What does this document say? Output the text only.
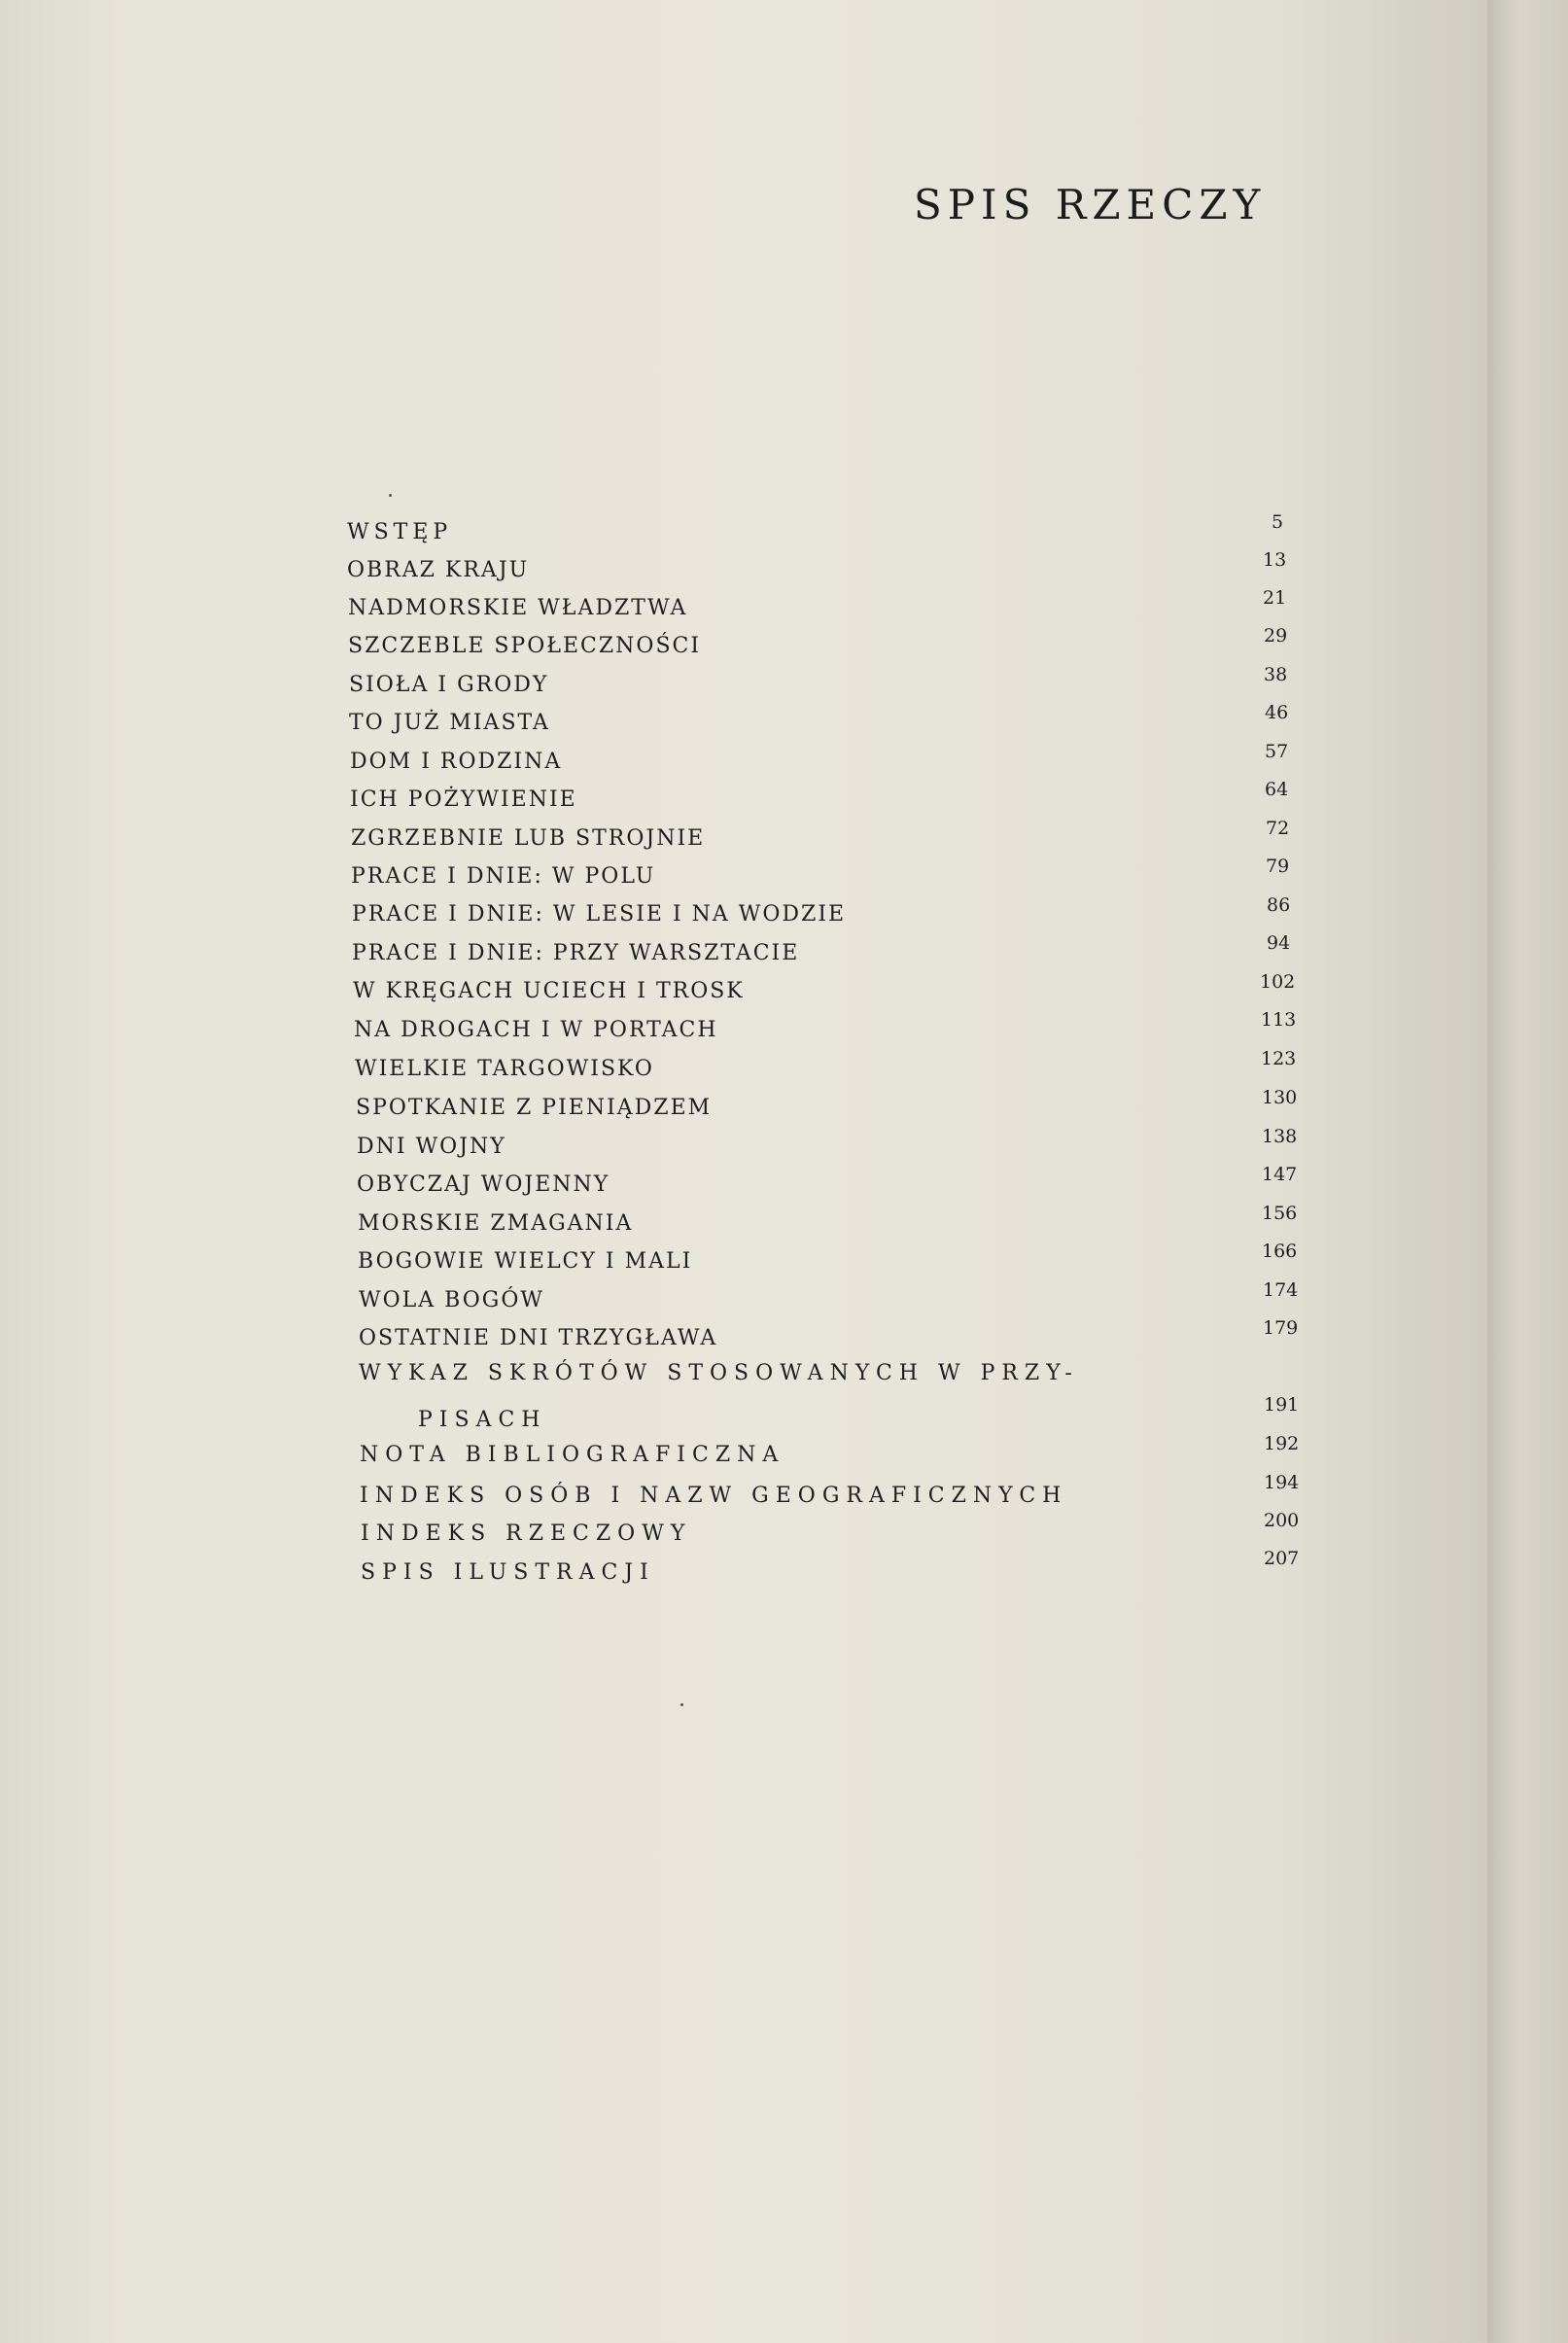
SPIS RZECZY
WSTĘP
OBRAZ KRAJU
NADMORSKIE WŁADZTWA
SZCZEBLE SPOŁECZNOŚCI
SIOŁA I GRODY
TO JUŻ MIASTA
DOM I RODZINA
ICH POŻYWIENIE
ZGRZEBNIE LUB STROJNIE
PRACE I DNIE: W POLU
PRACE I DNIE: W LESIE I NA WODZIE
PRACE I DNIE: PRZY WARSZTACIE
W KRĘGACH UCIECH I TROSK
NA DROGACH I W PORTACH
WIELKIE TARGOWISKO
SPOTKANIE Z PIENIĄDZEM
DNI WOJNY
OBYCZAJ WOJENNY
MORSKIE ZMAGANIA
BOGOWIE WIELCY I MALI
WOLA BOGÓW
OSTATNIE DNI TRZYGŁAWA
WYKAZ SKRÓTÓW STOSOWANYCH W PRZY-
PISACH
NOTA BIBLIOGRAFICZNA
INDEKS OSÓB I NAZW GEOGRAFICZNYCH
INDEKS RZECZOWY
SPIS ILUSTRACJI
5
13
21
29
38
46
57
64
72
79
86
94
102
113
123
130
138
147
156
166
174
179
191
192
194
200
207
